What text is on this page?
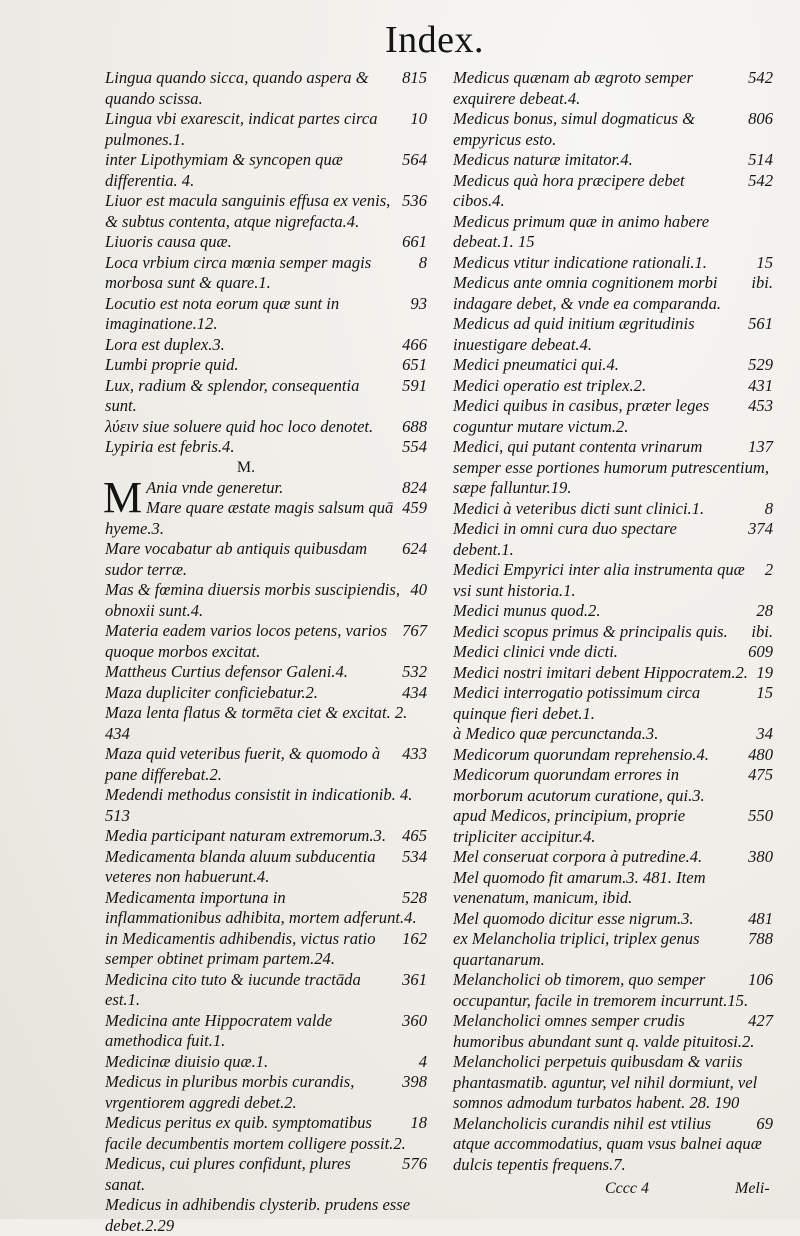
Index.
815
Lingua quando sicca, quando aspera & quando scissa.
10
Lingua vbi exarescit, indicat partes circa pulmones.1.
564
inter Lipothymiam & synсopen quæ differentia. 4.
536
Liuor est macula sanguinis effusa ex venis, & subtus contenta, atque nigrefacta.4.
661
Liuoris causa quæ.
8
Loca vrbium circa mœnia semper magis morbosa sunt & quare.1.
93
Locutio est nota eorum quæ sunt in imaginatione.12.
466
Lora est duplex.3.
651
Lumbi proprie quid.
591
Lux, radium & splendor, consequentia sunt.
688
λύειν siue soluere quid hoc loco denotet.
554
Lypiria est febris.4.
M.
M	824
Ania vnde generetur.
459
Mare quare æstate magis salsum quā hyeme.3.
624
Mare vocabatur ab antiquis quibusdam sudor terræ.
40
Mas & fœmina diuersis morbis suscipiendis, obnoxii sunt.4.
767
Materia eadem varios locos petens, varios quoque morbos excitat.
532
Mattheus Curtius defensor Galeni.4.
434
Maza dupliciter conficiebatur.2.
Maza lenta flatus & tormēta ciet & excitat. 2. 434
433
Maza quid veteribus fuerit, & quomodo à pane differebat.2.
Medendi methodus consistit in indicationib. 4. 513
465
Media participant naturam extremorum.3.
534
Medicamenta blanda aluum subducentia veteres non habuerunt.4.
528
Medicamenta importuna in inflammationibus adhibita, mortem adferunt.4.
162
in Medicamentis adhibendis, victus ratio semper obtinet primam partem.24.
361
Medicina cito tuto & iucunde tractāda est.1.
360
Medicina ante Hippocratem valde amethodica fuit.1.
4
Medicinæ diuisio quæ.1.
398
Medicus in pluribus morbis curandis, vrgentiorem aggredi debet.2.
18
Medicus peritus ex quib. symptomatibus facile decumbentis mortem colligere possit.2.
576
Medicus, cui plures confidunt, plures sanat.
Medicus in adhibendis clysterib. prudens esse debet.2.29
542
Medicus quænam ab ægroto semper exquirere debeat.4.
806
Medicus bonus, simul dogmaticus & empyricus esto.
514
Medicus naturæ imitator.4.
542
Medicus quà hora præcipere debet cibos.4.
Medicus primum quæ in animo habere debeat.1. 15
15
Medicus vtitur indicatione rationali.1.
ibi.
Medicus ante omnia cognitionem morbi indagare debet, & vnde ea comparanda.
561
Medicus ad quid initium ægritudinis inuestigare debeat.4.
529
Medici pneumatici qui.4.
431
Medici operatio est triplex.2.
453
Medici quibus in casibus, præter leges coguntur mutare victum.2.
137
Medici, qui putant contenta vrinarum semper esse portiones humorum putrescentium, sæpe falluntur.19.
8
Medici à veteribus dicti sunt clinici.1.
374
Medici in omni cura duo spectare debent.1.
2
Medici Empyrici inter alia instrumenta quæ vsi sunt historia.1.
28
Medici munus quod.2.
ibi.
Medici scopus primus & principalis quis.
609
Medici clinici vnde dicti.
19
Medici nostri imitari debent Hippocratem.2.
15
Medici interrogatio potissimum circa quinque fieri debet.1.
34
à Medico quæ percunctanda.3.
480
Medicorum quorundam reprehensio.4.
475
Medicorum quorundam errores in morborum acutorum curatione, qui.3.
550
apud Medicos, principium, proprie tripliciter accipitur.4.
380
Mel conseruat corpora à putredine.4.
Mel quomodo fit amarum.3. 481. Item venenatum, manicum, ibid.
481
Mel quomodo dicitur esse nigrum.3.
788
ex Melancholia triplici, triplex genus quartanarum.
106
Melancholici ob timorem, quo semper occupantur, facile in tremorem incurrunt.15.
427
Melancholici omnes semper crudis humoribus abundant sunt q. valde pituitosi.2.
Melancholici perpetuis quibusdam & variis phantasmatib. aguntur, vel nihil dormiunt, vel somnos admodum turbatos habent. 28. 190
69
Melancholicis curandis nihil est vtilius atque accommodatius, quam vsus balnei aquæ dulcis tepentis frequens.7.
Cccc 4	Meli-
